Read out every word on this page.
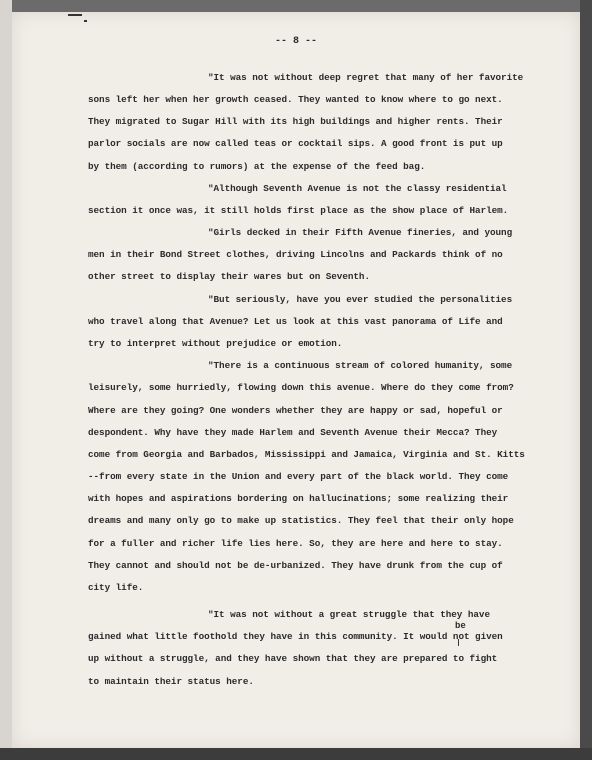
-- 8 --
"It was not without deep regret that many of her favorite
sons left her when her growth ceased. They wanted to know where to go next.
They migrated to Sugar Hill with its high buildings and higher rents. Their
parlor socials are now called teas or cocktail sips. A good front is put up
by them (according to rumors) at the expense of the feed bag.
"Although Seventh Avenue is not the classy residential
section it once was, it still holds first place as the show place of Harlem.
"Girls decked in their Fifth Avenue fineries, and young
men in their Bond Street clothes, driving Lincolns and Packards think of no
other street to display their wares but on Seventh.
"But seriously, have you ever studied the personalities
who travel along that Avenue? Let us look at this vast panorama of Life and
try to interpret without prejudice or emotion.
"There is a continuous stream of colored humanity, some
leisurely, some hurriedly, flowing down this avenue. Where do they come from?
Where are they going? One wonders whether they are happy or sad, hopeful or
despondent. Why have they made Harlem and Seventh Avenue their Mecca? They
come from Georgia and Barbados, Mississippi and Jamaica, Virginia and St. Kitts
--from every state in the Union and every part of the black world. They come
with hopes and aspirations bordering on hallucinations; some realizing their
dreams and many only go to make up statistics. They feel that their only hope
for a fuller and richer life lies here. So, they are here and here to stay.
They cannot and should not be de-urbanized. They have drunk from the cup of
city life.
"It was not without a great struggle that they have
be
gained what little foothold they have in this community. It would not given
up without a struggle, and they have shown that they are prepared to fight
to maintain their status here.
